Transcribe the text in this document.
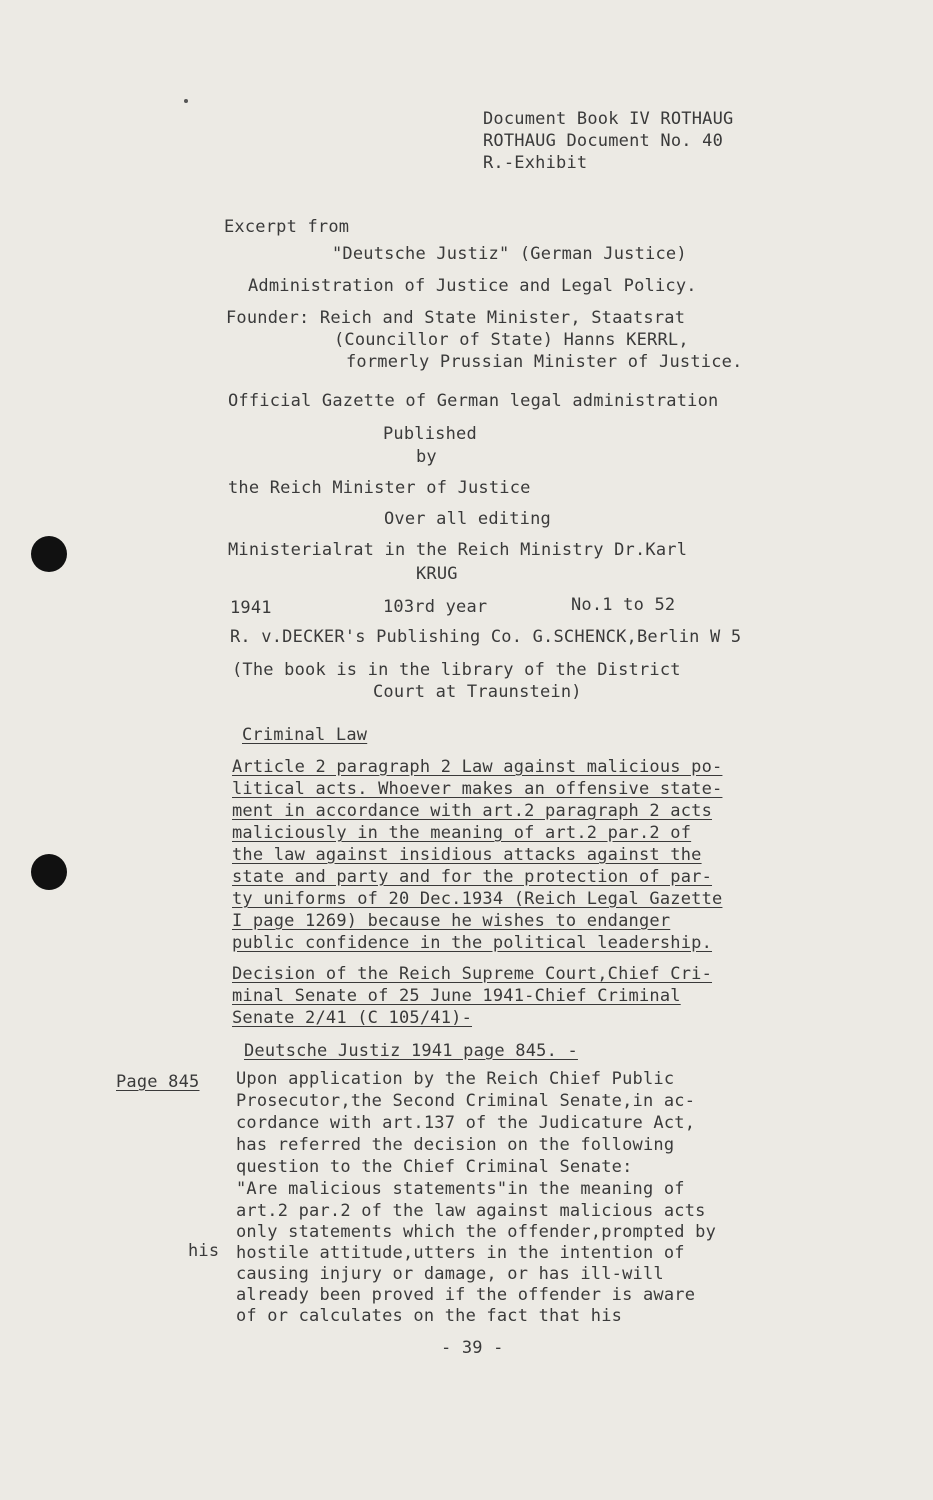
Document Book IV ROTHAUG
ROTHAUG Document No. 40
R.-Exhibit
Excerpt from
"Deutsche Justiz" (German Justice)
Administration of Justice and Legal Policy.
Founder: Reich and State Minister, Staatsrat
(Councillor of State) Hanns KERRL,
formerly Prussian Minister of Justice.
Official Gazette of German legal administration
Published
by
the Reich Minister of Justice
Over all editing
Ministerialrat in the Reich Ministry Dr.Karl
KRUG
1941	103rd year	No.1 to 52
R. v.DECKER's Publishing Co. G.SCHENCK,Berlin W 5
(The book is in the library of the District
Court at Traunstein)
Criminal Law
Article 2 paragraph 2 Law against malicious po-
litical acts. Whoever makes an offensive state-
ment in accordance with art.2 paragraph 2 acts
maliciously in the meaning of art.2 par.2 of
the law against insidious attacks against the
state and party and for the protection of par-
ty uniforms of 20 Dec.1934 (Reich Legal Gazette
I page 1269) because he wishes to endanger
public confidence in the political leadership.
Decision of the Reich Supreme Court,Chief Cri-
minal Senate of 25 June 1941-Chief Criminal
Senate 2/41 (C 105/41)-
Deutsche Justiz 1941 page 845. -
Page 845
his
Upon application by the Reich Chief Public
Prosecutor,the Second Criminal Senate,in ac-
cordance with art.137 of the Judicature Act,
has referred the decision on the following
question to the Chief Criminal Senate:
"Are malicious statements"in the meaning of
art.2 par.2 of the law against malicious acts
only statements which the offender,prompted by
hostile attitude,utters in the intention of
causing injury or damage, or has ill-will
already been proved if the offender is aware
of or calculates on the fact that his
- 39 -
